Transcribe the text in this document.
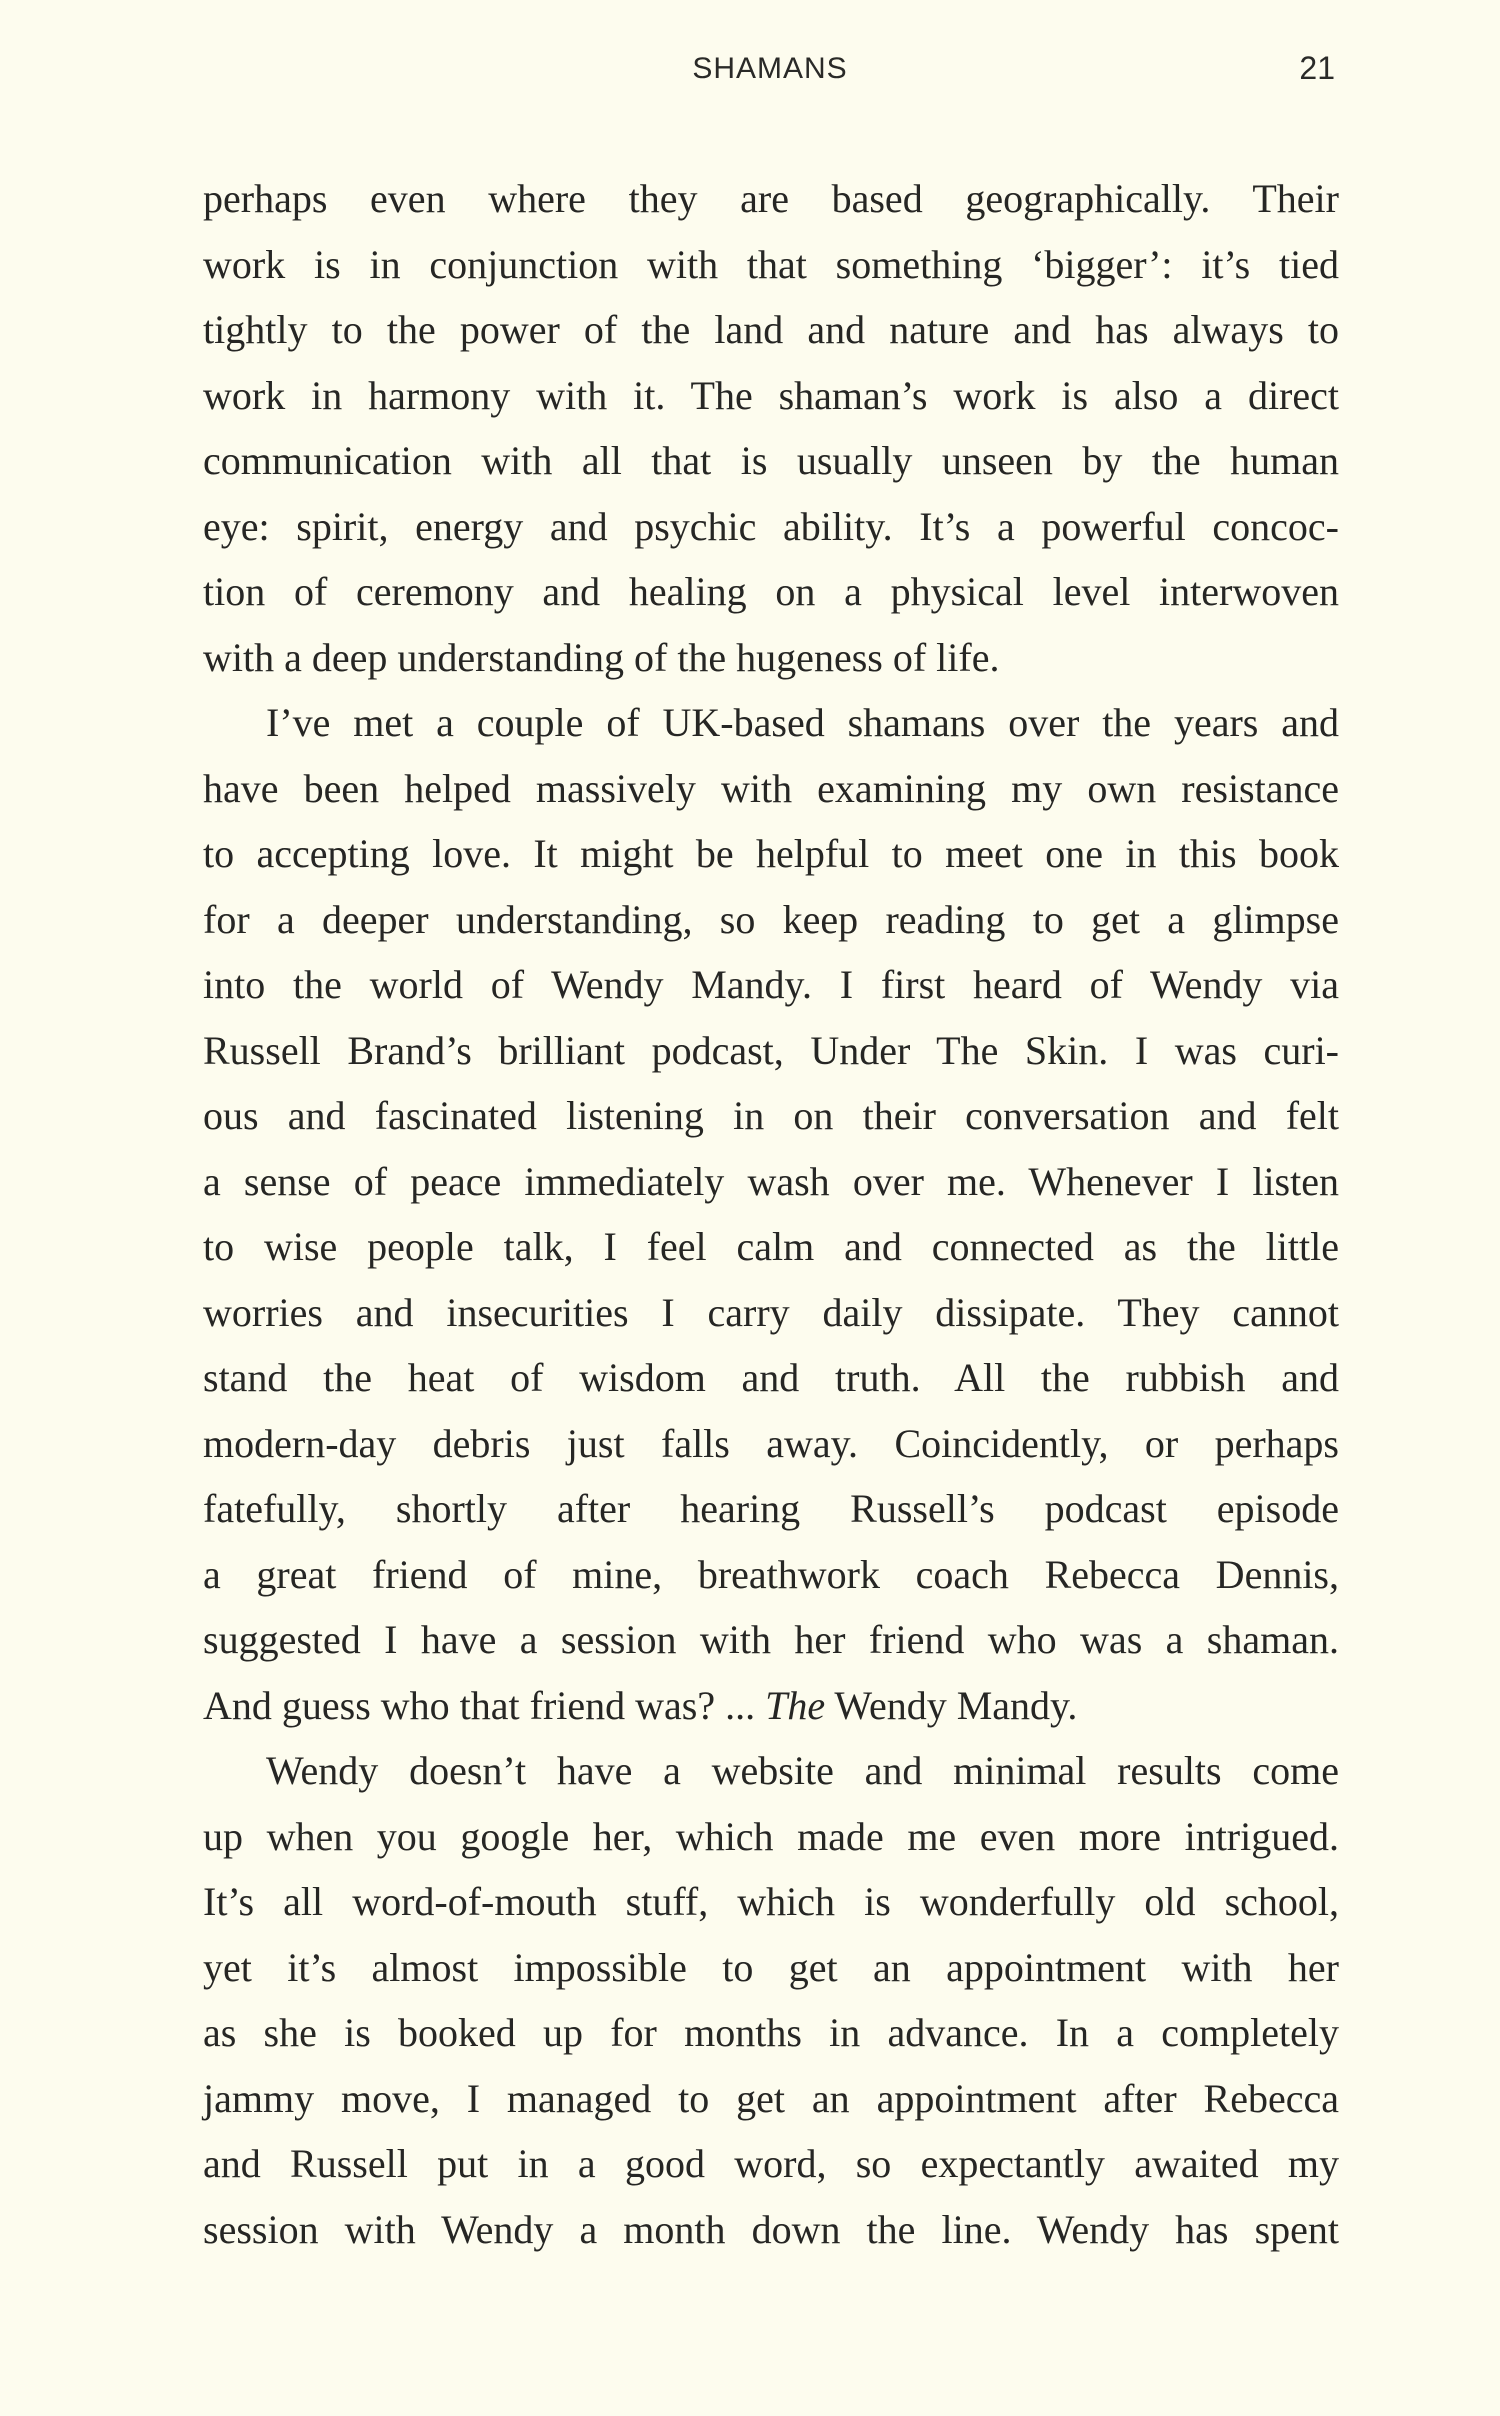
SHAMANS	21
perhaps even where they are based geographically. Their
work is in conjunction with that something ‘bigger’: it’s tied
tightly to the power of the land and nature and has always to
work in harmony with it. The shaman’s work is also a direct
communication with all that is usually unseen by the human
eye: spirit, energy and psychic ability. It’s a powerful concoc-
tion of ceremony and healing on a physical level interwoven
with a deep understanding of the hugeness of life.
I’ve met a couple of UK-based shamans over the years and
have been helped massively with examining my own resistance
to accepting love. It might be helpful to meet one in this book
for a deeper understanding, so keep reading to get a glimpse
into the world of Wendy Mandy. I first heard of Wendy via
Russell Brand’s brilliant podcast, Under The Skin. I was curi-
ous and fascinated listening in on their conversation and felt
a sense of peace immediately wash over me. Whenever I listen
to wise people talk, I feel calm and connected as the little
worries and insecurities I carry daily dissipate. They cannot
stand the heat of wisdom and truth. All the rubbish and
modern-day debris just falls away. Coincidently, or perhaps
fatefully, shortly after hearing Russell’s podcast episode
a great friend of mine, breathwork coach Rebecca Dennis,
suggested I have a session with her friend who was a shaman.
And guess who that friend was? ... The Wendy Mandy.
Wendy doesn’t have a website and minimal results come
up when you google her, which made me even more intrigued.
It’s all word-of-mouth stuff, which is wonderfully old school,
yet it’s almost impossible to get an appointment with her
as she is booked up for months in advance. In a completely
jammy move, I managed to get an appointment after Rebecca
and Russell put in a good word, so expectantly awaited my
session with Wendy a month down the line. Wendy has spent
